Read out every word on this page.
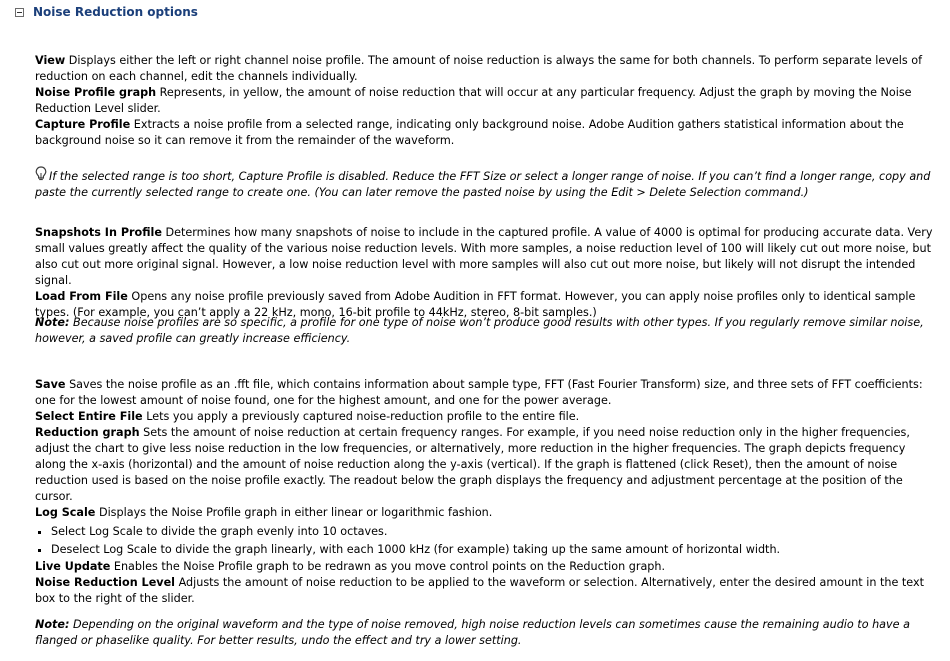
Noise Reduction options

View Displays either the left or right channel noise profile. The amount of noise reduction is always the same for both channels. To perform separate levels of reduction on each channel, edit the channels individually.

Noise Profile graph Represents, in yellow, the amount of noise reduction that will occur at any particular frequency. Adjust the graph by moving the Noise Reduction Level slider.

Capture Profile Extracts a noise profile from a selected range, indicating only background noise. Adobe Audition gathers statistical information about the background noise so it can remove it from the remainder of the waveform.

If the selected range is too short, Capture Profile is disabled. Reduce the FFT Size or select a longer range of noise. If you can’t find a longer range, copy and paste the currently selected range to create one. (You can later remove the pasted noise by using the Edit > Delete Selection command.)

Snapshots In Profile Determines how many snapshots of noise to include in the captured profile. A value of 4000 is optimal for producing accurate data. Very small values greatly affect the quality of the various noise reduction levels. With more samples, a noise reduction level of 100 will likely cut out more noise, but also cut out more original signal. However, a low noise reduction level with more samples will also cut out more noise, but likely will not disrupt the intended signal.

Load From File Opens any noise profile previously saved from Adobe Audition in FFT format. However, you can apply noise profiles only to identical sample types. (For example, you can’t apply a 22 kHz, mono, 16-bit profile to 44kHz, stereo, 8-bit samples.)

Note: Because noise profiles are so specific, a profile for one type of noise won’t produce good results with other types. If you regularly remove similar noise, however, a saved profile can greatly increase efficiency.

Save Saves the noise profile as an .fft file, which contains information about sample type, FFT (Fast Fourier Transform) size, and three sets of FFT coefficients: one for the lowest amount of noise found, one for the highest amount, and one for the power average.

Select Entire File Lets you apply a previously captured noise-reduction profile to the entire file.

Reduction graph Sets the amount of noise reduction at certain frequency ranges. For example, if you need noise reduction only in the higher frequencies, adjust the chart to give less noise reduction in the low frequencies, or alternatively, more reduction in the higher frequencies. The graph depicts frequency along the x-axis (horizontal) and the amount of noise reduction along the y-axis (vertical). If the graph is flattened (click Reset), then the amount of noise reduction used is based on the noise profile exactly. The readout below the graph displays the frequency and adjustment percentage at the position of the cursor.

Log Scale Displays the Noise Profile graph in either linear or logarithmic fashion.

Select Log Scale to divide the graph evenly into 10 octaves.
Deselect Log Scale to divide the graph linearly, with each 1000 kHz (for example) taking up the same amount of horizontal width.

Live Update Enables the Noise Profile graph to be redrawn as you move control points on the Reduction graph.

Noise Reduction Level Adjusts the amount of noise reduction to be applied to the waveform or selection. Alternatively, enter the desired amount in the text box to the right of the slider.

Note: Depending on the original waveform and the type of noise removed, high noise reduction levels can sometimes cause the remaining audio to have a flanged or phaselike quality. For better results, undo the effect and try a lower setting.
